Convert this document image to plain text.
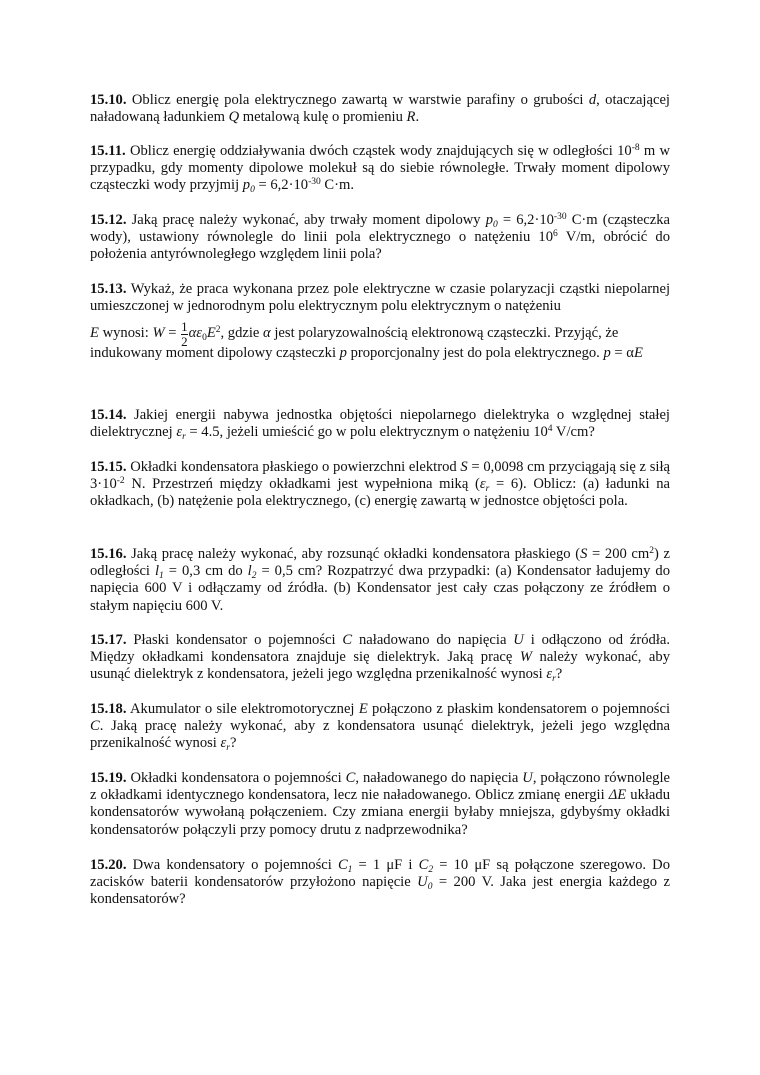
15.10. Oblicz energię pola elektrycznego zawartą w warstwie parafiny o grubości d, otaczającej naładowaną ładunkiem Q metalową kulę o promieniu R.
15.11. Oblicz energię oddziaływania dwóch cząstek wody znajdujących się w odległości $10^{-8}$ m w przypadku, gdy momenty dipolowe molekuł są do siebie równoległe. Trwały moment dipolowy cząsteczki wody przyjmij $p_0 = 6,2\cdot 10^{-30}$ C·m.
15.12. Jaką pracę należy wykonać, aby trwały moment dipolowy $p_0 = 6,2\cdot 10^{-30}$ C·m (cząsteczka wody), ustawiony równolegle do linii pola elektrycznego o natężeniu $10^6$ V/m, obrócić do położenia antyrównoległego względem linii pola?
15.13. Wykaż, że praca wykonana przez pole elektryczne w czasie polaryzacji cząstki niepolarnej umieszczonej w jednorodnym polu elektrycznym polu elektrycznym o natężeniu
E wynosi: $W = \frac{1}{2} \alpha\varepsilon_0E^2$, gdzie α jest polaryzowalnością elektronową cząsteczki. Przyjąć, że
indukowany moment dipolowy cząsteczki p proporcjonalny jest do pola elektrycznego. p = αE
15.14. Jakiej energii nabywa jednostka objętości niepolarnego dielektryka o względnej stałej dielektrycznej $\varepsilon_r = 4.5$, jeżeli umieścić go w polu elektrycznym o natężeniu $10^4$ V/cm?
15.15. Okładki kondensatora płaskiego o powierzchni elektrod S = 0,0098 cm przyciągają się z siłą $3\cdot 10^{-2}$ N. Przestrzeń między okładkami jest wypełniona miką $(\varepsilon_r = 6)$. Oblicz: (a) ładunki na okładkach, (b) natężenie pola elektrycznego, (c) energię zawartą w jednostce objętości pola.
15.16. Jaką pracę należy wykonać, aby rozsunąć okładki kondensatora płaskiego (S = 200 $cm^2$) z odległości $l_1 = 0,3$ cm do $l_2 = 0,5$ cm? Rozpatrzyć dwa przypadki: (a) Kondensator ładujemy do napięcia 600 V i odłączamy od źródła. (b) Kondensator jest cały czas połączony ze źródłem o stałym napięciu 600 V.
15.17. Płaski kondensator o pojemności C naładowano do napięcia U i odłączono od źródła. Między okładkami kondensatora znajduje się dielektryk. Jaką pracę W należy wykonać, aby usunąć dielektryk z kondensatora, jeżeli jego względna przenikalność wynosi $\varepsilon_r$?
15.18. Akumulator o sile elektromotorycznej E połączono z płaskim kondensatorem o pojemności C. Jaką pracę należy wykonać, aby z kondensatora usunąć dielektryk, jeżeli jego względna przenikalność wynosi $\varepsilon_r$?
15.19. Okładki kondensatora o pojemności C, naładowanego do napięcia U, połączono równolegle z okładkami identycznego kondensatora, lecz nie naładowanego. Oblicz zmianę energii ΔE układu kondensatorów wywołaną połączeniem. Czy zmiana energii byłaby mniejsza, gdybyśmy okładki kondensatorów połączyli przy pomocy drutu z nadprzewodnika?
15.20. Dwa kondensatory o pojemności $C_1 = 1$ μF i $C_2 = 10$ μF są połączone szeregowo. Do zacisków baterii kondensatorów przyłożono napięcie $U_0 = 200$ V. Jaka jest energia każdego z kondensatorów?
